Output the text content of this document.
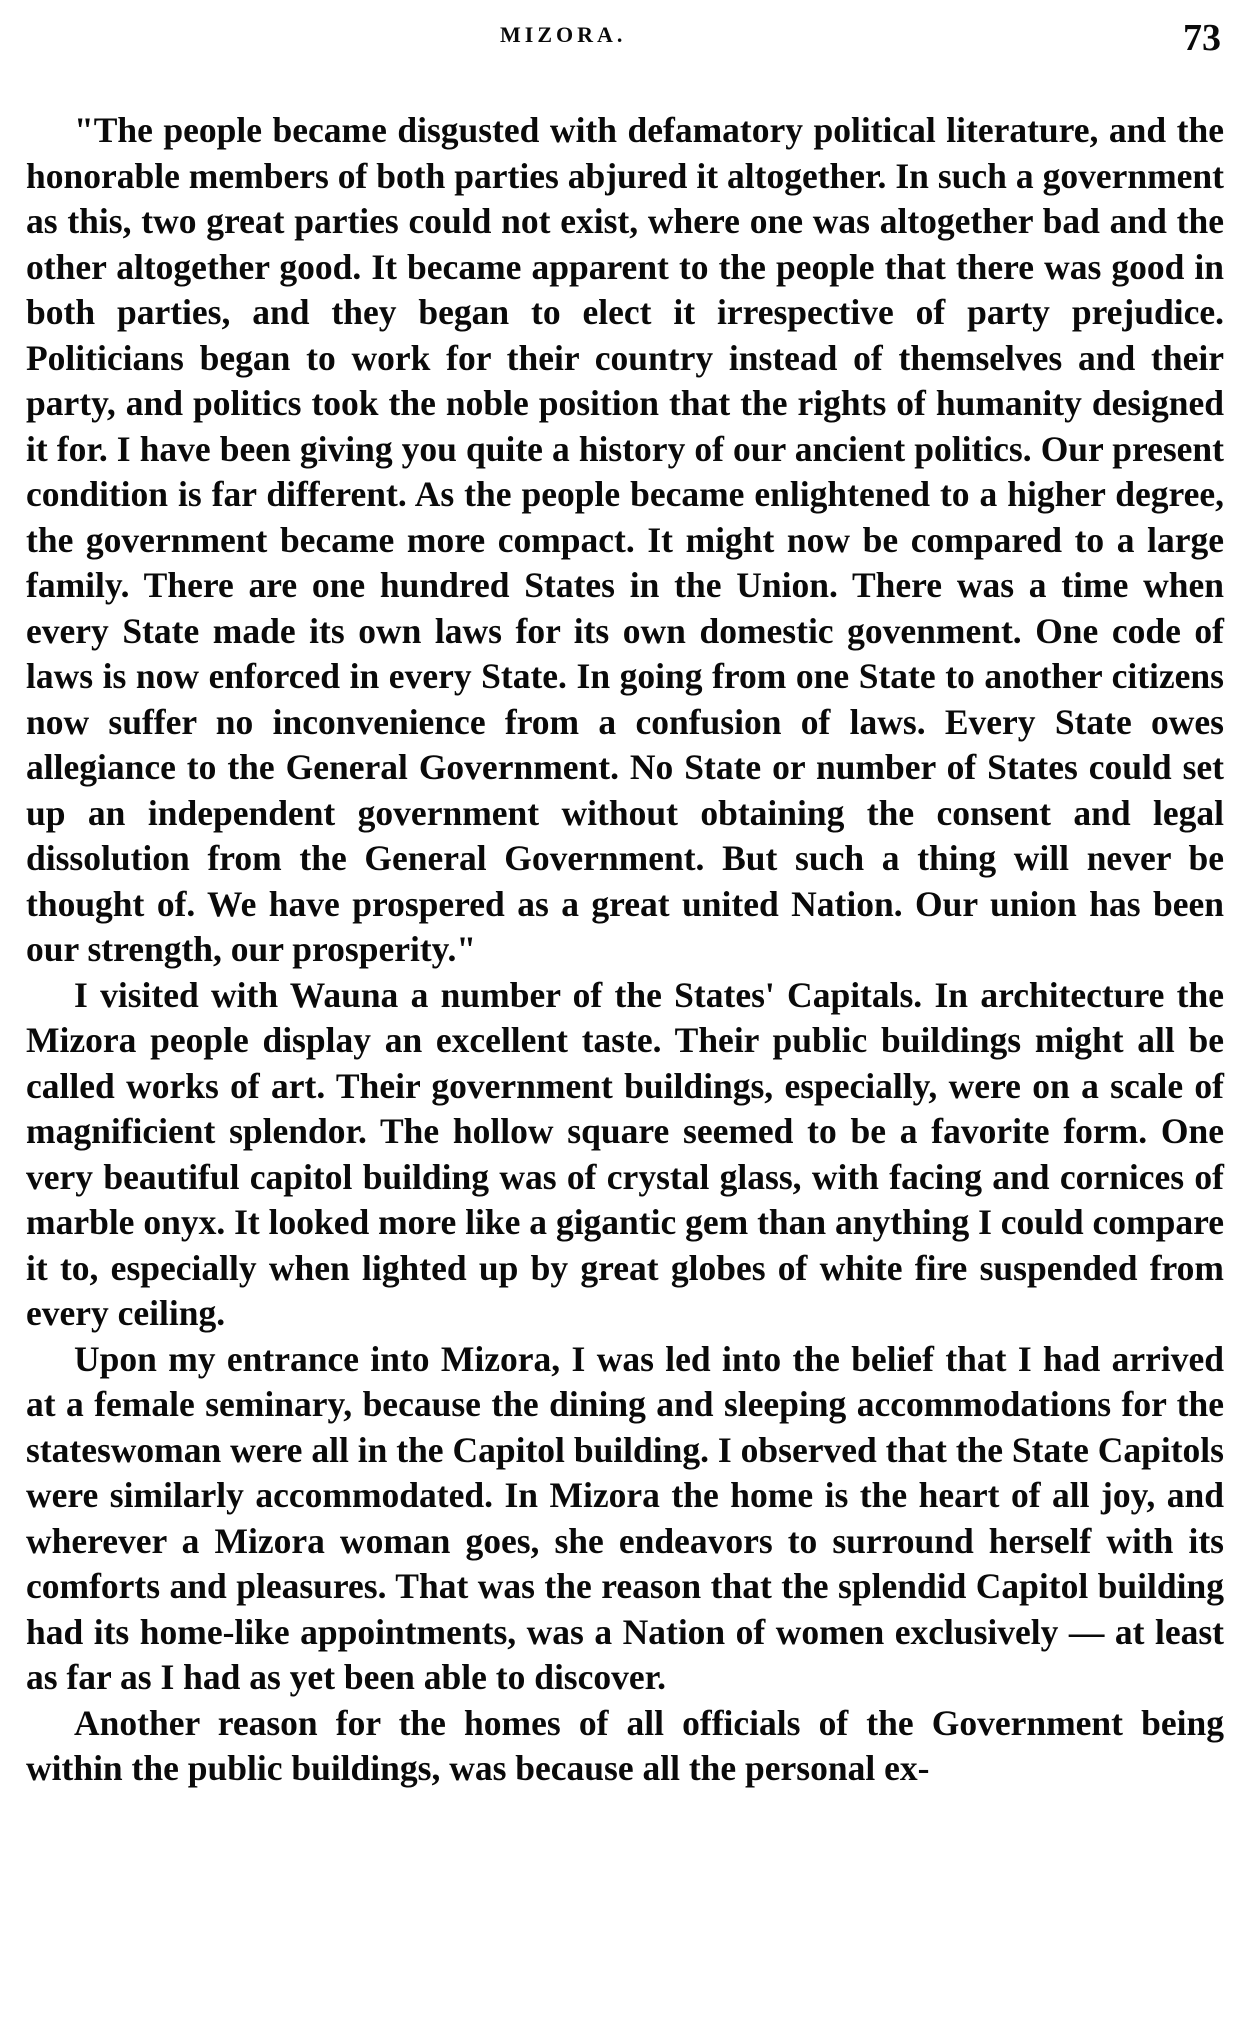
MIZORA.	73

"The people became disgusted with defamatory political literature, and the honorable members of both parties abjured it altogether. In such a government as this, two great parties could not exist, where one was altogether bad and the other altogether good. It became apparent to the people that there was good in both parties, and they began to elect it irrespective of party prejudice. Politicians began to work for their country instead of themselves and their party, and politics took the noble position that the rights of humanity designed it for. I have been giving you quite a history of our ancient politics. Our present condition is far different. As the people became enlightened to a higher degree, the government became more compact. It might now be compared to a large family. There are one hundred States in the Union. There was a time when every State made its own laws for its own domestic govenment. One code of laws is now enforced in every State. In going from one State to another citizens now suffer no inconvenience from a confusion of laws. Every State owes allegiance to the General Government. No State or number of States could set up an independent government without obtaining the consent and legal dissolution from the General Government. But such a thing will never be thought of. We have prospered as a great united Nation. Our union has been our strength, our prosperity."

I visited with Wauna a number of the States' Capitals. In architecture the Mizora people display an excellent taste. Their public buildings might all be called works of art. Their government buildings, especially, were on a scale of magnificient splendor. The hollow square seemed to be a favorite form. One very beautiful capitol building was of crystal glass, with facing and cornices of marble onyx. It looked more like a gigantic gem than anything I could compare it to, especially when lighted up by great globes of white fire suspended from every ceiling.

Upon my entrance into Mizora, I was led into the belief that I had arrived at a female seminary, because the dining and sleeping accommodations for the stateswoman were all in the Capitol building. I observed that the State Capitols were similarly accommodated. In Mizora the home is the heart of all joy, and wherever a Mizora woman goes, she endeavors to surround herself with its comforts and pleasures. That was the reason that the splendid Capitol building had its home-like appointments, was a Nation of women exclusively — at least as far as I had as yet been able to discover.

Another reason for the homes of all officials of the Government being within the public buildings, was because all the personal ex-
